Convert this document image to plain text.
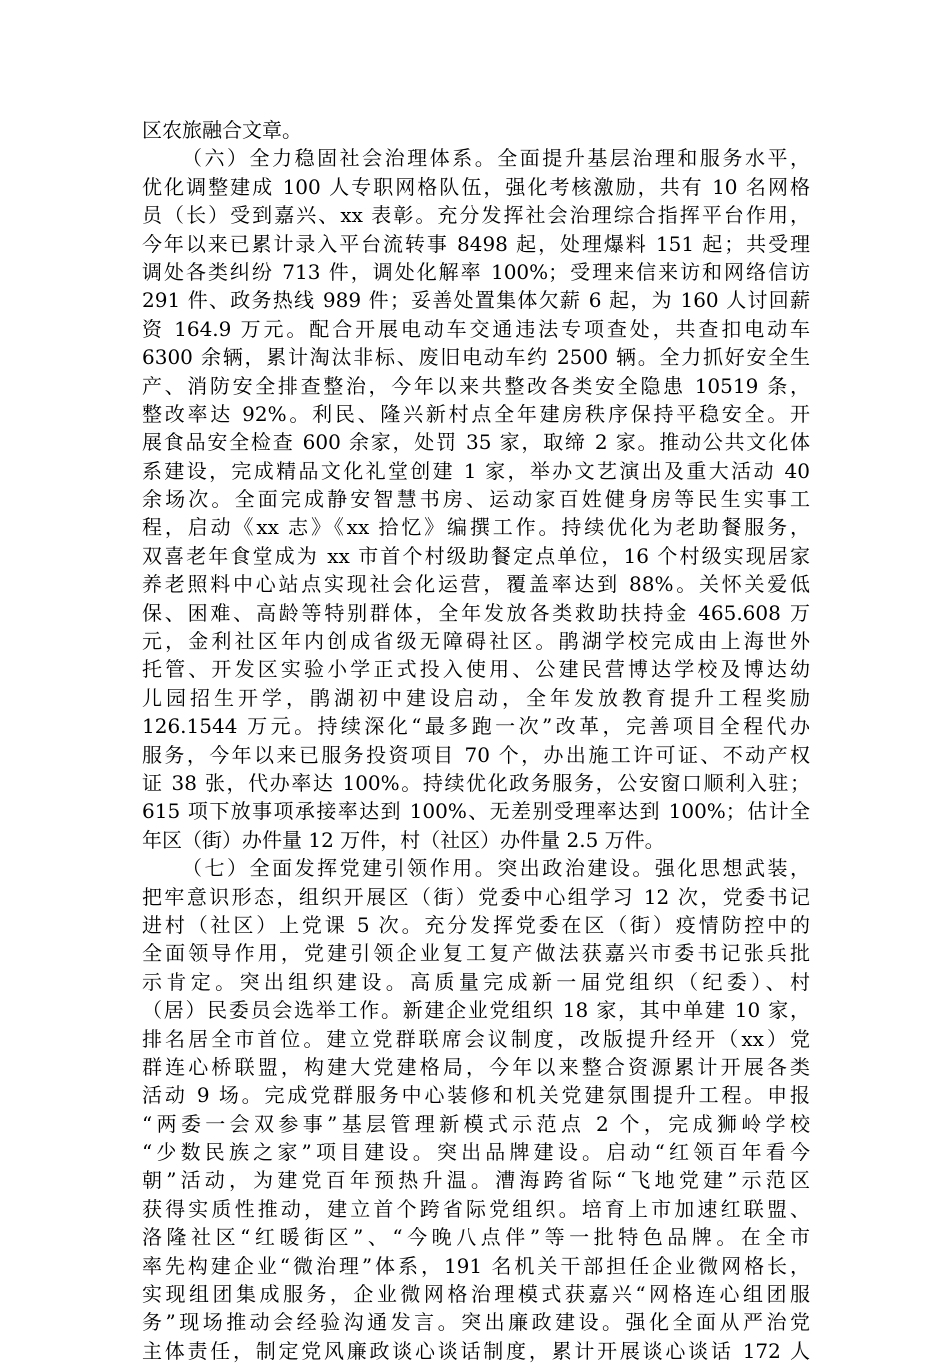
区农旅融合文章。
（六）全力稳固社会治理体系。全面提升基层治理和服务水平，
优化调整建成 100 人专职网格队伍，强化考核激励，共有 10 名网格
员（长）受到嘉兴、xx 表彰。充分发挥社会治理综合指挥平台作用，
今年以来已累计录入平台流转事 8498 起，处理爆料 151 起；共受理
调处各类纠纷 713 件，调处化解率 100%；受理来信来访和网络信访
291 件、政务热线 989 件；妥善处置集体欠薪 6 起，为 160 人讨回薪
资 164.9 万元。配合开展电动车交通违法专项查处，共查扣电动车
6300 余辆，累计淘汰非标、废旧电动车约 2500 辆。全力抓好安全生
产、消防安全排查整治，今年以来共整改各类安全隐患 10519 条，
整改率达 92%。利民、隆兴新村点全年建房秩序保持平稳安全。开
展食品安全检查 600 余家，处罚 35 家，取缔 2 家。推动公共文化体
系建设，完成精品文化礼堂创建 1 家，举办文艺演出及重大活动 40
余场次。全面完成静安智慧书房、运动家百姓健身房等民生实事工
程，启动《xx 志》《xx 拾忆》编撰工作。持续优化为老助餐服务，
双喜老年食堂成为 xx 市首个村级助餐定点单位，16 个村级实现居家
养老照料中心站点实现社会化运营，覆盖率达到 88%。关怀关爱低
保、困难、高龄等特别群体，全年发放各类救助扶持金 465.608 万
元，金利社区年内创成省级无障碍社区。鹃湖学校完成由上海世外
托管、开发区实验小学正式投入使用、公建民营博达学校及博达幼
儿园招生开学，鹃湖初中建设启动，全年发放教育提升工程奖励
126.1544 万元。持续深化“最多跑一次”改革，完善项目全程代办
服务，今年以来已服务投资项目 70 个，办出施工许可证、不动产权
证 38 张，代办率达 100%。持续优化政务服务，公安窗口顺利入驻；
615 项下放事项承接率达到 100%、无差别受理率达到 100%；估计全
年区（街）办件量 12 万件，村（社区）办件量 2.5 万件。
（七）全面发挥党建引领作用。突出政治建设。强化思想武装，
把牢意识形态，组织开展区（街）党委中心组学习 12 次，党委书记
进村（社区）上党课 5 次。充分发挥党委在区（街）疫情防控中的
全面领导作用，党建引领企业复工复产做法获嘉兴市委书记张兵批
示肯定。突出组织建设。高质量完成新一届党组织（纪委）、村
（居）民委员会选举工作。新建企业党组织 18 家，其中单建 10 家，
排名居全市首位。建立党群联席会议制度，改版提升经开（xx）党
群连心桥联盟，构建大党建格局，今年以来整合资源累计开展各类
活动 9 场。完成党群服务中心装修和机关党建氛围提升工程。申报
“两委一会双参事”基层管理新模式示范点 2 个，完成狮岭学校
“少数民族之家”项目建设。突出品牌建设。启动“红领百年看今
朝”活动，为建党百年预热升温。漕海跨省际“飞地党建”示范区
获得实质性推动，建立首个跨省际党组织。培育上市加速红联盟、
洛隆社区“红暖街区”、“今晚八点伴”等一批特色品牌。在全市
率先构建企业“微治理”体系，191 名机关干部担任企业微网格长，
实现组团集成服务，企业微网格治理模式获嘉兴“网格连心组团服
务”现场推动会经验沟通发言。突出廉政建设。强化全面从严治党
主体责任，制定党风廉政谈心谈话制度，累计开展谈心谈话 172 人
